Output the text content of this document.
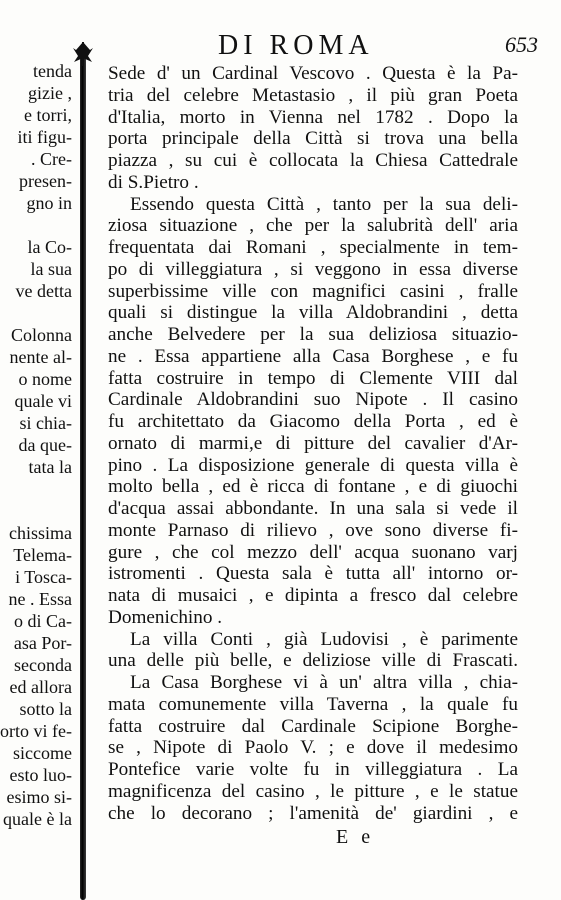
tenda
gizie ,
e torri,
iti figu-
. Cre-
presen-
gno in
la Co-
la sua
ve detta
Colonna
nente al-
o nome
quale vi
si chia-
da que-
tata la
chissima
Telema-
i Tosca-
ne . Essa
o di Ca-
asa Por-
seconda
ed allora
sotto la
orto vi fe-
siccome
esto luo-
esimo si-
quale è la
DI ROMA	653
Sede d' un Cardinal Vescovo . Questa è la Pa-
tria del celebre Metastasio , il più gran Poeta
d'Italia, morto in Vienna nel 1782 . Dopo la
porta principale della Città si trova una bella
piazza , su cui è collocata la Chiesa Cattedrale
di S.Pietro .
Essendo questa Città , tanto per la sua deli-
ziosa situazione , che per la salubrità dell' aria
frequentata dai Romani , specialmente in tem-
po di villeggiatura , si veggono in essa diverse
superbissime ville con magnifici casini , fralle
quali si distingue la villa Aldobrandini , detta
anche Belvedere per la sua deliziosa situazio-
ne . Essa appartiene alla Casa Borghese , e fu
fatta costruire in tempo di Clemente VIII dal
Cardinale Aldobrandini suo Nipote . Il casino
fu architettato da Giacomo della Porta , ed è
ornato di marmi,e di pitture del cavalier d'Ar-
pino . La disposizione generale di questa villa è
molto bella , ed è ricca di fontane , e di giuochi
d'acqua assai abbondante. In una sala si vede il
monte Parnaso di rilievo , ove sono diverse fi-
gure , che col mezzo dell' acqua suonano varj
istromenti . Questa sala è tutta all' intorno or-
nata di musaici , e dipinta a fresco dal celebre
Domenichino .
La villa Conti , già Ludovisi , è parimente
una delle più belle, e deliziose ville di Frascati.
La Casa Borghese vi à un' altra villa , chia-
mata comunemente villa Taverna , la quale fu
fatta costruire dal Cardinale Scipione Borghe-
se , Nipote di Paolo V. ; e dove il medesimo
Pontefice varie volte fu in villeggiatura . La
magnificenza del casino , le pitture , e le statue
che lo decorano ; l'amenità de' giardini , e
E e
